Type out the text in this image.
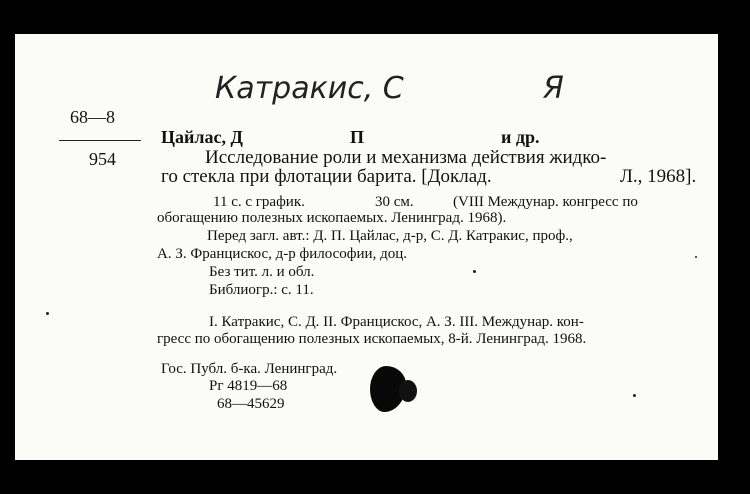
Катракис, С	Я
68—8
954
Цайлас, Д	П	и др.
Исследование роли и механизма действия жидко-
го стекла при флотации барита. [Доклад.	Л., 1968].
11 с. с график.	30 см.	(VIII Междунар. конгресс по
обогащению полезных ископаемых. Ленинград. 1968).
Перед загл. авт.: Д. П. Цайлас, д-р, С. Д. Катракис, проф.,
А. З. Францискос, д-р философии, доц.
Без тит. л. и обл.
Библиогр.: с. 11.
I. Катракис, С. Д. II. Францискос, А. З. III. Междунар. кон-
гресс по обогащению полезных ископаемых, 8-й. Ленинград. 1968.
Гос. Публ. б-ка. Ленинград.
Рг 4819—68
68—45629
